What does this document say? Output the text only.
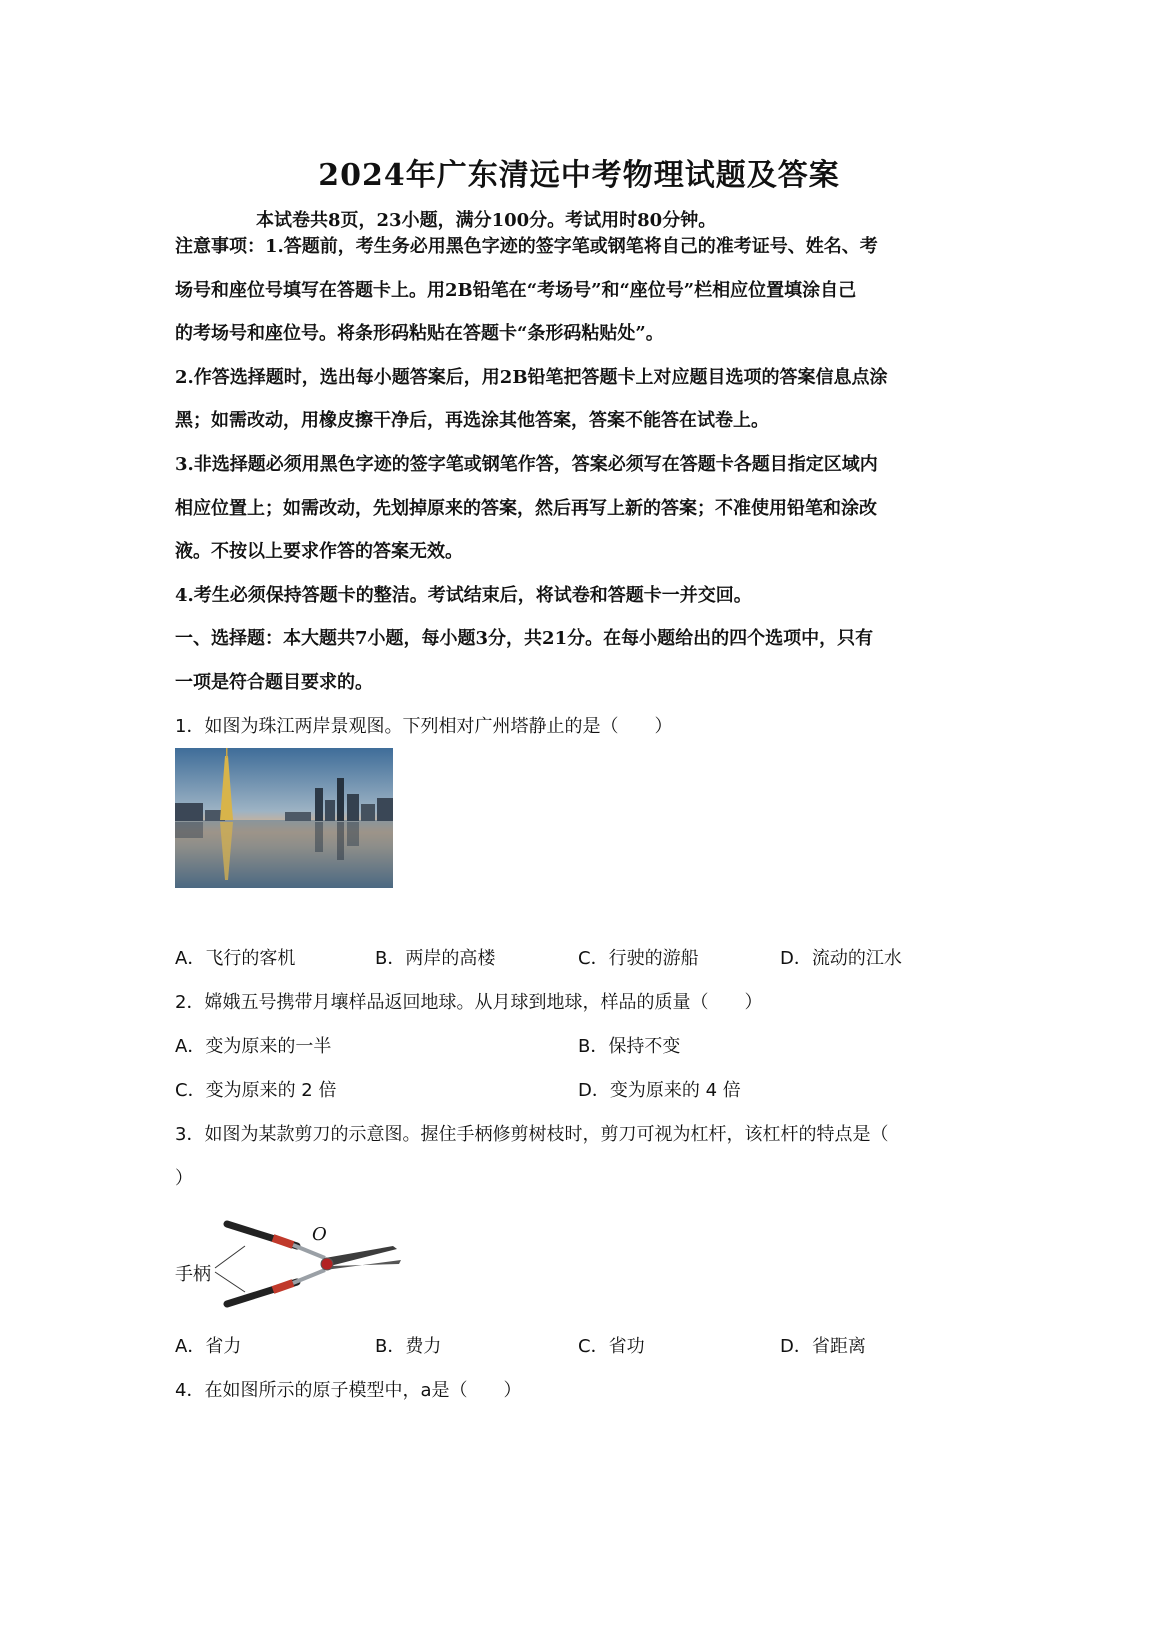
2024年广东清远中考物理试题及答案
本试卷共8页，23小题，满分100分。考试用时80分钟。
注意事项：1.答题前，考生务必用黑色字迹的签字笔或钢笔将自己的准考证号、姓名、考
场号和座位号填写在答题卡上。用2B铅笔在“考场号”和“座位号”栏相应位置填涂自己
的考场号和座位号。将条形码粘贴在答题卡“条形码粘贴处”。
2.作答选择题时，选出每小题答案后，用2B铅笔把答题卡上对应题目选项的答案信息点涂
黑；如需改动，用橡皮擦干净后，再选涂其他答案，答案不能答在试卷上。
3.非选择题必须用黑色字迹的签字笔或钢笔作答，答案必须写在答题卡各题目指定区域内
相应位置上；如需改动，先划掉原来的答案，然后再写上新的答案；不准使用铅笔和涂改
液。不按以上要求作答的答案无效。
4.考生必须保持答题卡的整洁。考试结束后，将试卷和答题卡一并交回。
一、选择题：本大题共7小题，每小题3分，共21分。在每小题给出的四个选项中，只有
一项是符合题目要求的。
1．如图为珠江两岸景观图。下列相对广州塔静止的是（　　）
A．飞行的客机	B．两岸的高楼	C．行驶的游船	D．流动的江水
2．嫦娥五号携带月壤样品返回地球。从月球到地球，样品的质量（　　）
A．变为原来的一半	B．保持不变
C．变为原来的 2 倍	D．变为原来的 4 倍
3．如图为某款剪刀的示意图。握住手柄修剪树枝时，剪刀可视为杠杆，该杠杆的特点是（
）
O
手柄
A．省力	B．费力	C．省功	D．省距离
4．在如图所示的原子模型中，a是（　　）
